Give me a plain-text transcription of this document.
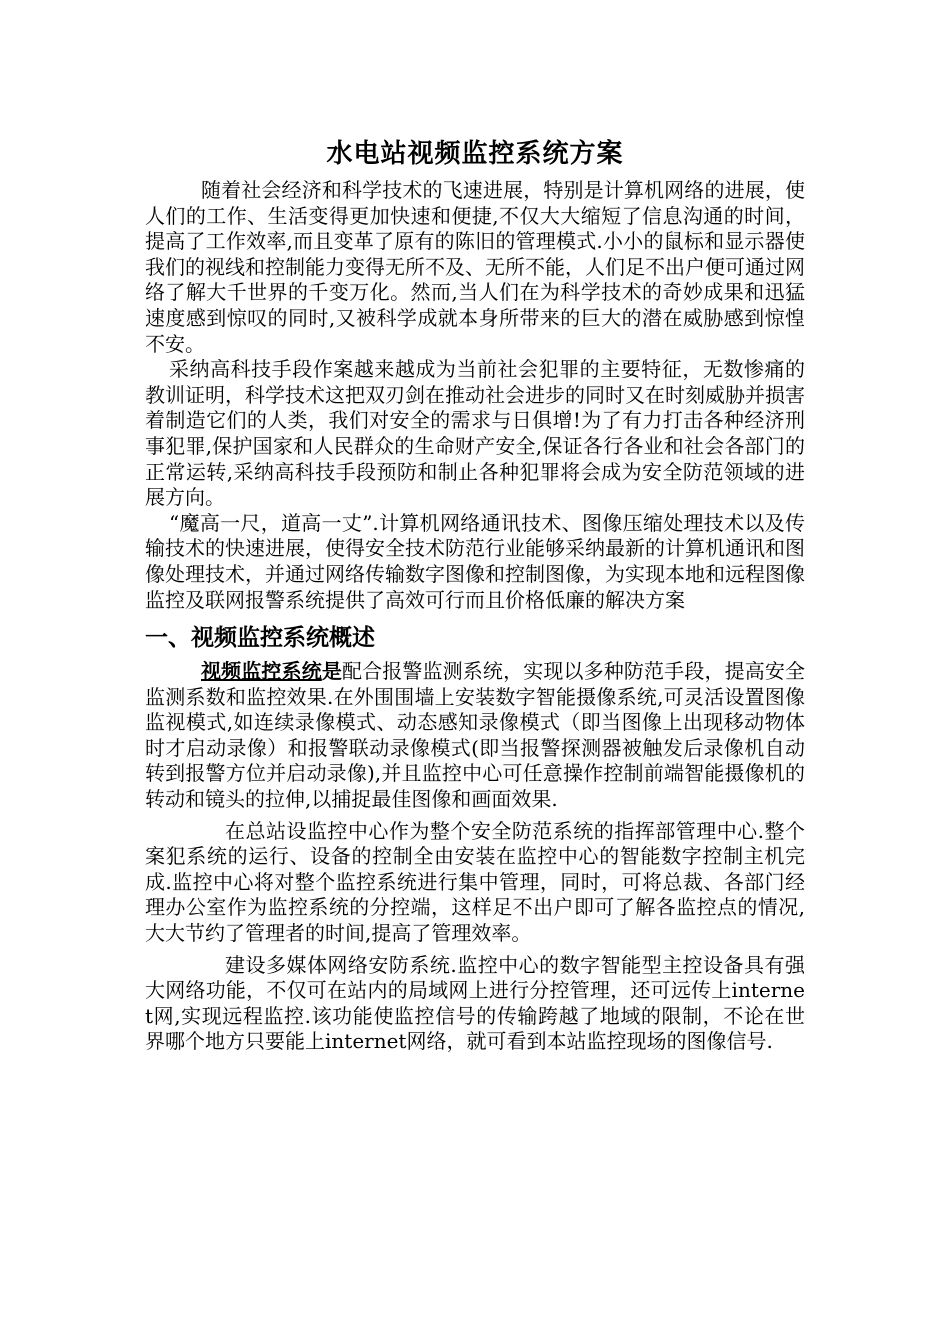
水电站视频监控系统方案

随着社会经济和科学技术的飞速进展，特别是计算机网络的进展，使人们的工作、生活变得更加快速和便捷,不仅大大缩短了信息沟通的时间，提高了工作效率,而且变革了原有的陈旧的管理模式.小小的鼠标和显示器使我们的视线和控制能力变得无所不及、无所不能，人们足不出户便可通过网络了解大千世界的千变万化。然而,当人们在为科学技术的奇妙成果和迅猛速度感到惊叹的同时,又被科学成就本身所带来的巨大的潜在威胁感到惊惶不安。

采纳高科技手段作案越来越成为当前社会犯罪的主要特征，无数惨痛的教训证明，科学技术这把双刃剑在推动社会进步的同时又在时刻威胁并损害着制造它们的人类，我们对安全的需求与日俱增!为了有力打击各种经济刑事犯罪,保护国家和人民群众的生命财产安全,保证各行各业和社会各部门的正常运转,采纳高科技手段预防和制止各种犯罪将会成为安全防范领域的进展方向。

“魔高一尺，道高一丈”.计算机网络通讯技术、图像压缩处理技术以及传输技术的快速进展，使得安全技术防范行业能够采纳最新的计算机通讯和图像处理技术，并通过网络传输数字图像和控制图像，为实现本地和远程图像监控及联网报警系统提供了高效可行而且价格低廉的解决方案

一、视频监控系统概述

视频监控系统是配合报警监测系统，实现以多种防范手段，提高安全监测系数和监控效果.在外围围墙上安装数字智能摄像系统,可灵活设置图像监视模式,如连续录像模式、动态感知录像模式（即当图像上出现移动物体时才启动录像）和报警联动录像模式(即当报警探测器被触发后录像机自动转到报警方位并启动录像),并且监控中心可任意操作控制前端智能摄像机的转动和镜头的拉伸,以捕捉最佳图像和画面效果.

在总站设监控中心作为整个安全防范系统的指挥部管理中心.整个案犯系统的运行、设备的控制全由安装在监控中心的智能数字控制主机完成.监控中心将对整个监控系统进行集中管理，同时，可将总裁、各部门经理办公室作为监控系统的分控端，这样足不出户即可了解各监控点的情况,大大节约了管理者的时间,提高了管理效率。

建设多媒体网络安防系统.监控中心的数字智能型主控设备具有强大网络功能，不仅可在站内的局域网上进行分控管理，还可远传上internet网,实现远程监控.该功能使监控信号的传输跨越了地域的限制，不论在世界哪个地方只要能上internet网络，就可看到本站监控现场的图像信号.
